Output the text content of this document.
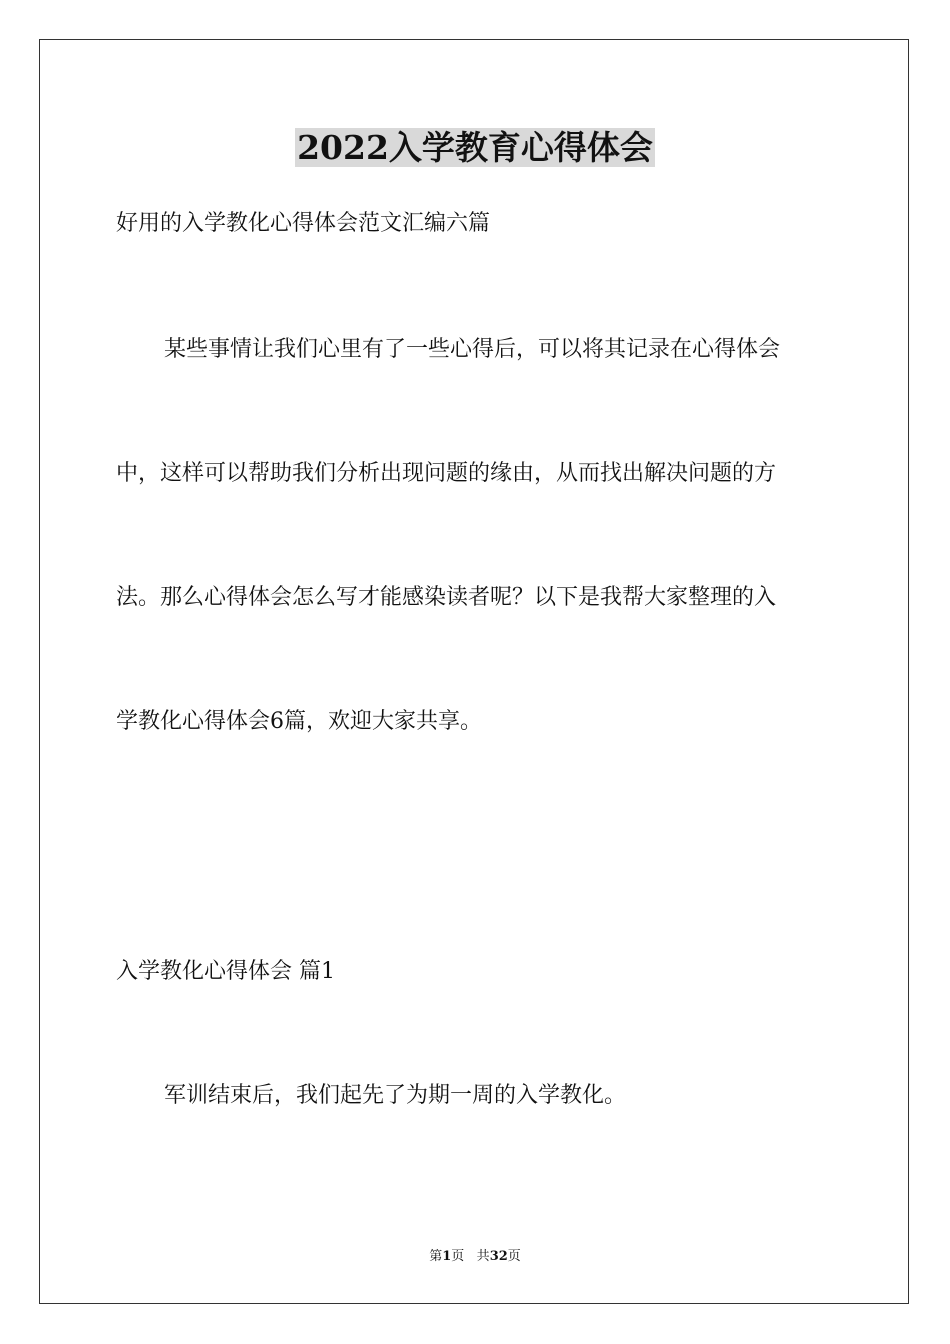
2022入学教育心得体会
好用的入学教化心得体会范文汇编六篇
某些事情让我们心里有了一些心得后，可以将其记录在心得体会
中，这样可以帮助我们分析出现问题的缘由，从而找出解决问题的方
法。那么心得体会怎么写才能感染读者呢？以下是我帮大家整理的入
学教化心得体会6篇，欢迎大家共享。
入学教化心得体会 篇1
军训结束后，我们起先了为期一周的入学教化。
第1页 共32页
